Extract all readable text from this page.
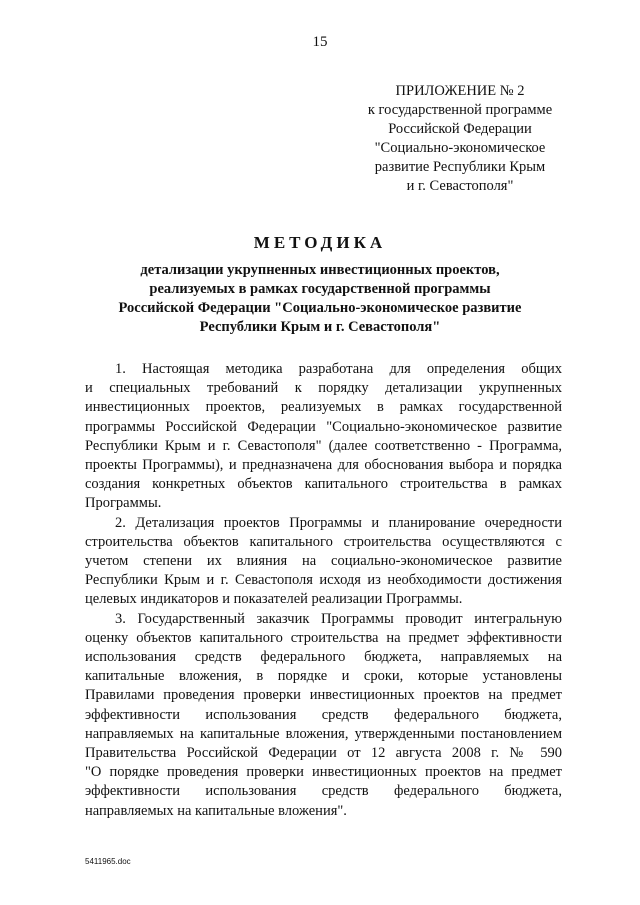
15
ПРИЛОЖЕНИЕ № 2
к государственной программе
Российской Федерации
"Социально-экономическое
развитие Республики Крым
и г. Севастополя"
МЕТОДИКА
детализации укрупненных инвестиционных проектов,
реализуемых в рамках государственной программы
Российской Федерации "Социально-экономическое развитие
Республики Крым и г. Севастополя"

1. Настоящая методика разработана для определения общих
и специальных требований к порядку детализации укрупненных
инвестиционных проектов, реализуемых в рамках государственной
программы Российской Федерации "Социально-экономическое развитие
Республики Крым и г. Севастополя" (далее соответственно - Программа,
проекты Программы), и предназначена для обоснования выбора и порядка
создания конкретных объектов капитального строительства в рамках
Программы.

2. Детализация проектов Программы и планирование очередности
строительства объектов капитального строительства осуществляются с
учетом степени их влияния на социально-экономическое развитие
Республики Крым и г. Севастополя исходя из необходимости достижения
целевых индикаторов и показателей реализации Программы.

3. Государственный заказчик Программы проводит интегральную
оценку объектов капитального строительства на предмет эффективности
использования средств федерального бюджета, направляемых на
капитальные вложения, в порядке и сроки, которые установлены
Правилами проведения проверки инвестиционных проектов на предмет
эффективности использования средств федерального бюджета,
направляемых на капитальные вложения, утвержденными постановлением
Правительства Российской Федерации от 12 августа 2008 г. № 590
"О порядке проведения проверки инвестиционных проектов на предмет
эффективности использования средств федерального бюджета,
направляемых на капитальные вложения".

5411965.doc
